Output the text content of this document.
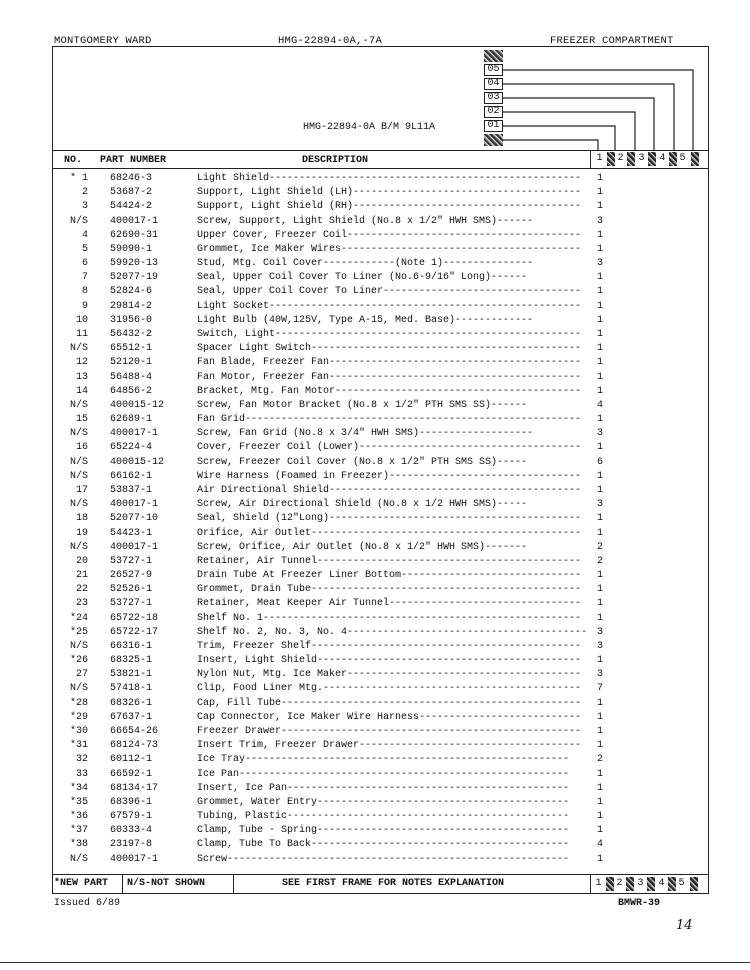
MONTGOMERY WARD	HMG-22894-0A,-7A	FREEZER COMPARTMENT
HMG-22894-0A B/M 9L11A
05
04
03
02
01
NO. PART NUMBER	DESCRIPTION	1 2 3 4 5
* 1 68246-3	Light Shield----------------------------------------------------	1
2 53687-2	Support, Light Shield (LH)--------------------------------------	1
3 54424-2	Support, Light Shield (RH)--------------------------------------	1
N/S 400017-1	Screw, Support, Light Shield (No.8 x 1/2" HWH SMS)------	3
4 62690-31	Upper Cover, Freezer Coil---------------------------------------	1
5 59090-1	Grommet, Ice Maker Wires----------------------------------------	1
6 59920-13	Stud, Mtg. Coil Cover------------(Note 1)---------------	3
7 52077-19	Seal, Upper Coil Cover To Liner (No.6-9/16" Long)------	1
8 52824-6	Seal, Upper Coil Cover To Liner---------------------------------	1
9 29814-2	Light Socket----------------------------------------------------	1
10 31956-0	Light Bulb (40W,125V, Type A-15, Med. Base)-------------	1
11 56432-2	Switch, Light---------------------------------------------------	1
N/S 65512-1	Spacer Light Switch---------------------------------------------	1
12 52120-1	Fan Blade, Freezer Fan------------------------------------------	1
13 56488-4	Fan Motor, Freezer Fan------------------------------------------	1
14 64856-2	Bracket, Mtg. Fan Motor-----------------------------------------	1
N/S 400015-12	Screw, Fan Motor Bracket (No.8 x 1/2" PTH SMS SS)------	4
15 62689-1	Fan Grid--------------------------------------------------------	1
N/S 400017-1	Screw, Fan Grid (No.8 x 3/4" HWH SMS)-------------------	3
16 65224-4	Cover, Freezer Coil (Lower)-------------------------------------	1
N/S 400015-12	Screw, Freezer Coil Cover (No.8 x 1/2" PTH SMS SS)-----	6
N/S 66162-1	Wire Harness (Foamed in Freezer)--------------------------------	1
17 53837-1	Air Directional Shield------------------------------------------	1
N/S 400017-1	Screw, Air Directional Shield (No.8 x 1/2 HWH SMS)-----	3
18 52077-10	Seal, Shield (12"Long)------------------------------------------	1
19 54423-1	Orifice, Air Outlet---------------------------------------------	1
N/S 400017-1	Screw, Orifice, Air Outlet (No.8 x 1/2" HWH SMS)-------	2
20 53727-1	Retainer, Air Tunnel--------------------------------------------	2
21 26527-9	Drain Tube At Freezer Liner Bottom------------------------------	1
22 52526-1	Grommet, Drain Tube---------------------------------------------	1
23 53727-1	Retainer, Meat Keeper Air Tunnel--------------------------------	1
*24 65722-18	Shelf No. 1-----------------------------------------------------	1
*25 65722-17	Shelf No. 2, No. 3, No. 4---------------------------------------- 3
N/S 66316-1	Trim, Freezer Shelf---------------------------------------------	3
*26 68325-1	Insert, Light Shield--------------------------------------------	1
27 53821-1	Nylon Nut, Mtg. Ice Maker---------------------------------------	3
N/S 57418-1	Clip, Food Liner Mtg.-------------------------------------------	7
*28 68326-1	Cap, Fill Tube--------------------------------------------------	1
*29 67637-1	Cap Connector, Ice Maker Wire Harness---------------------------	1
*30 66654-26	Freezer Drawer--------------------------------------------------	1
*31 68124-73	Insert Trim, Freezer Drawer-------------------------------------	1
32 60112-1	Ice Tray------------------------------------------------------	2
33 66592-1	Ice Pan-------------------------------------------------------	1
*34 68134-17	Insert, Ice Pan-----------------------------------------------	1
*35 68396-1	Grommet, Water Entry------------------------------------------	1
*36 67579-1	Tubing, Plastic-----------------------------------------------	1
*37 60333-4	Clamp, Tube - Spring------------------------------------------	1
*38 23197-8	Clamp, Tube To Back-------------------------------------------	4
N/S 400017-1	Screw---------------------------------------------------------	1
*NEW PART N/S-NOT SHOWN	SEE FIRST FRAME FOR NOTES EXPLANATION	1 2 3 4 5
Issued 6/89	BMWR-39
14
